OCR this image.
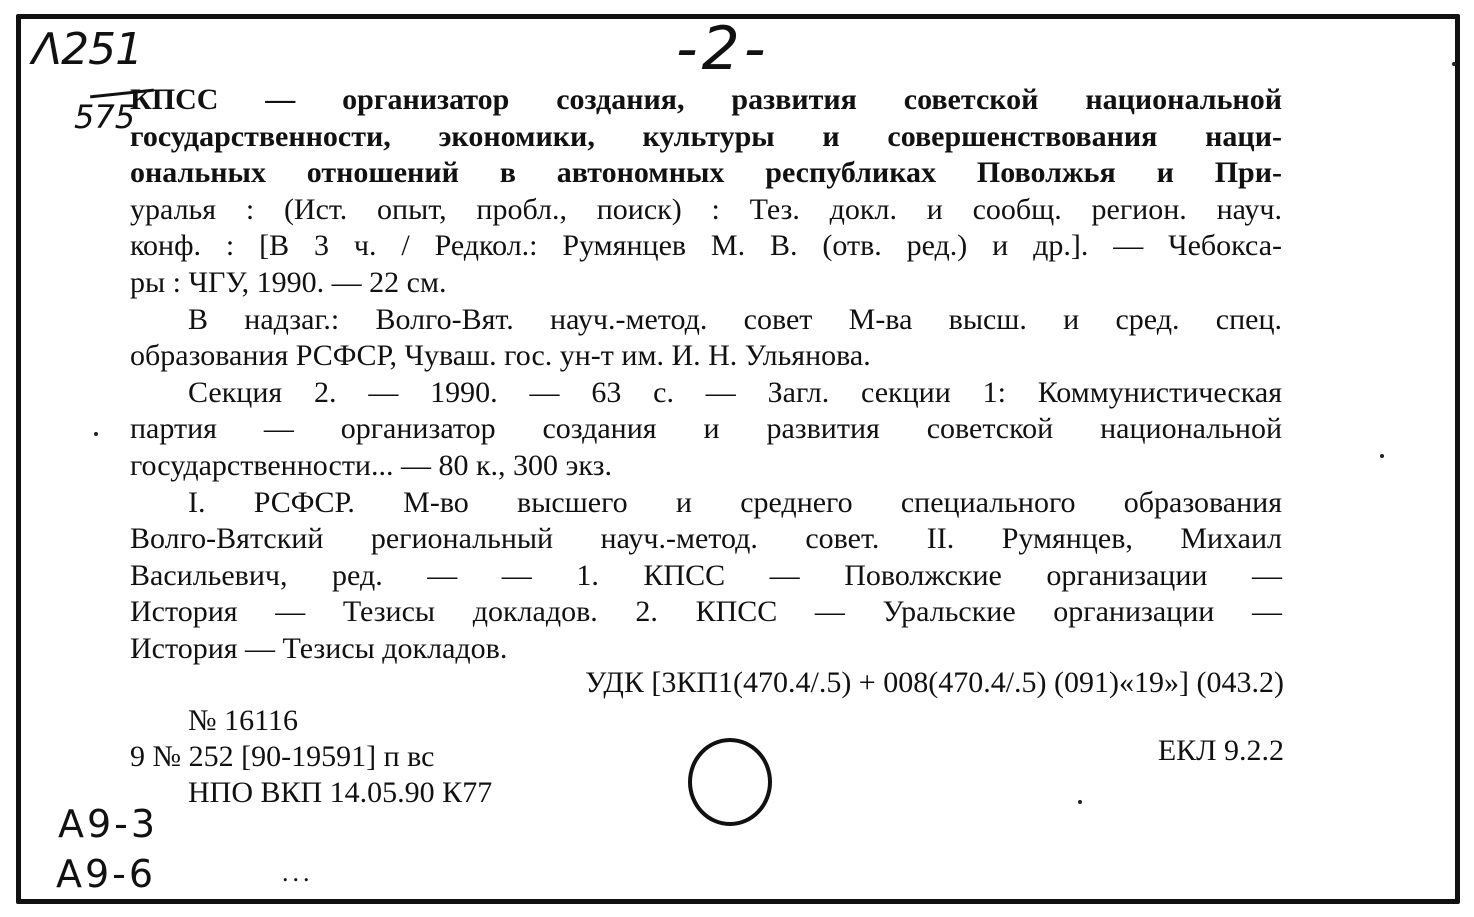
-2-
Λ251
575
А9-3
А9-6
КПСС — организатор создания, развития советской национальной
государственности, экономики, культуры и совершенствования наци-
ональных отношений в автономных республиках Поволжья и При-
уралья : (Ист. опыт, пробл., поиск) : Тез. докл. и сообщ. регион. науч.
конф. : [В 3 ч. / Редкол.: Румянцев М. В. (отв. ред.) и др.]. — Чебокса-
ры : ЧГУ, 1990. — 22 см.
В надзаг.: Волго-Вят. науч.-метод. совет М-ва высш. и сред. спец.
образования РСФСР, Чуваш. гос. ун-т им. И. Н. Ульянова.
Секция 2. — 1990. — 63 с. — Загл. секции 1: Коммунистическая
партия — организатор создания и развития советской национальной
государственности... — 80 к., 300 экз.
I. РСФСР. М-во высшего и среднего специального образования
Волго-Вятский региональный науч.-метод. совет. II. Румянцев, Михаил
Васильевич, ред. — — 1. КПСС — Поволжские организации —
История — Тезисы докладов. 2. КПСС — Уральские организации —
История — Тезисы докладов.
УДК [3КП1(470.4/.5) + 008(470.4/.5) (091)«19»] (043.2)
№ 16116
9 № 252 [90-19591] п вс
НПО ВКП 14.05.90 К77
ЕКЛ 9.2.2
...
